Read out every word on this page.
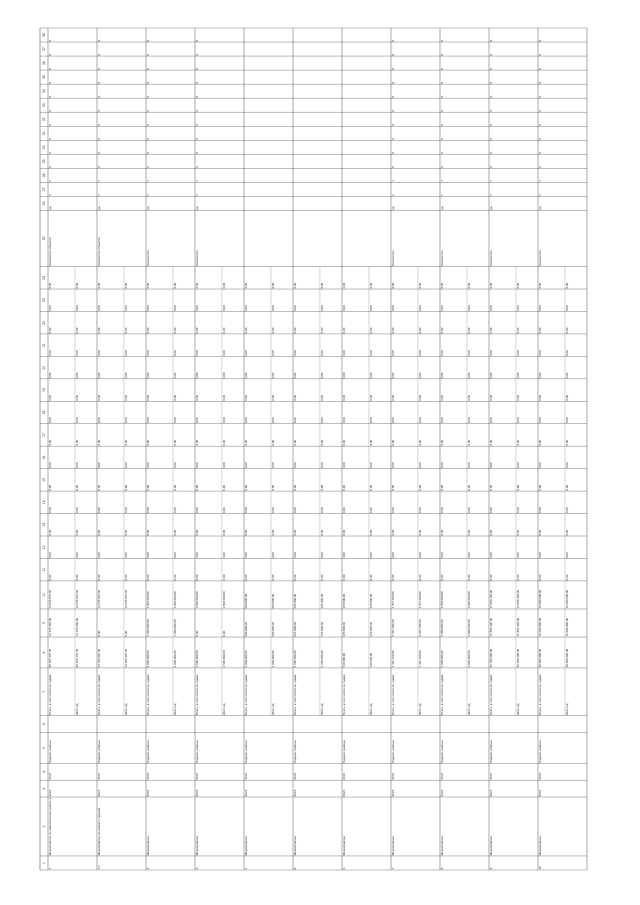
1
2
3
4
5
6
7
8
9
10
11
12
13
14
15
16
17
18
19
20
21
22
23
24
25
26
27
28
29
30
31
32
33
34
35
36
37
38
1
Мероприятие по капитальному ремонту
2021
2021
Бюджет района
Всего, в том числе по годам:
28 795 375,60
14 170 360,00
14 625 015,60
0,00
0,00
0,00
0,00
0,00
0,00
0,00
0,00
0,00
0,00
0,00
0,00
0,00
0,00
Количество объектов
ед.
2
2
0
0
0
0
0
0
0
0
0
0
2021 год
28 795 375,60
14 170 360,00
14 625 015,60
0,00
0,00
0,00
0,00
0,00
0,00
0,00
0,00
0,00
0,00
0,00
0,00
0,00
0,00
1.1
Мероприятие по ремонту зданий
2021
2021
Бюджет района
Всего, в том числе по годам:
14 625 015,60
0,00
14 625 015,60
0,00
0,00
0,00
0,00
0,00
0,00
0,00
0,00
0,00
0,00
0,00
0,00
0,00
0,00
Количество объектов
ед.
1
1
0
0
0
0
0
0
0
0
0
0
2021 год
14 625 015,60
0,00
14 625 015,60
0,00
0,00
0,00
0,00
0,00
0,00
0,00
0,00
0,00
0,00
0,00
0,00
0,00
0,00
2
Мероприятие
2021
2021
Бюджет района
Всего, в том числе по годам:
3 000 000,00
1 500 000,00
1 500 000,00
0,00
0,00
0,00
0,00
0,00
0,00
0,00
0,00
0,00
0,00
0,00
0,00
0,00
0,00
Количество
ед.
1
1
0
0
0
0
0
0
0
0
0
0
2021 год
3 000 000,00
1 500 000,00
1 500 000,00
0,00
0,00
0,00
0,00
0,00
0,00
0,00
0,00
0,00
0,00
0,00
0,00
0,00
0,00
3
Мероприятие
2021
2021
Бюджет района
Всего, в том числе по годам:
1 500 000,00
0,00
1 500 000,00
0,00
0,00
0,00
0,00
0,00
0,00
0,00
0,00
0,00
0,00
0,00
0,00
0,00
0,00
Количество
ед.
1
1
0
0
0
0
0
0
0
0
0
0
2021 год
1 500 000,00
0,00
1 500 000,00
0,00
0,00
0,00
0,00
0,00
0,00
0,00
0,00
0,00
0,00
0,00
0,00
0,00
0,00
4
Мероприятие
2021
2021
Бюджет района
Всего, в том числе по годам:
1 000 000,00
500 000,00
500 000,00
0,00
0,00
0,00
0,00
0,00
0,00
0,00
0,00
0,00
0,00
0,00
0,00
0,00
0,00
2021 год
1 000 000,00
500 000,00
500 000,00
0,00
0,00
0,00
0,00
0,00
0,00
0,00
0,00
0,00
0,00
0,00
0,00
0,00
0,00
5
Мероприятие
2021
2021
Бюджет района
Всего, в том числе по годам:
1 250 000,00
625 000,00
625 000,00
0,00
0,00
0,00
0,00
0,00
0,00
0,00
0,00
0,00
0,00
0,00
0,00
0,00
0,00
2021 год
1 250 000,00
625 000,00
625 000,00
0,00
0,00
0,00
0,00
0,00
0,00
0,00
0,00
0,00
0,00
0,00
0,00
0,00
0,00
6
Мероприятие
2021
2021
Бюджет района
Всего, в том числе по годам:
740 000,00
370 000,00
370 000,00
0,00
0,00
0,00
0,00
0,00
0,00
0,00
0,00
0,00
0,00
0,00
0,00
0,00
0,00
2021 год
740 000,00
370 000,00
370 000,00
0,00
0,00
0,00
0,00
0,00
0,00
0,00
0,00
0,00
0,00
0,00
0,00
0,00
0,00
7
Мероприятие
2021
2021
Бюджет района
Всего, в том числе по годам:
7 415 360,00
3 707 680,00
3 707 680,00
0,00
0,00
0,00
0,00
0,00
0,00
0,00
0,00
0,00
0,00
0,00
0,00
0,00
0,00
Количество
ед.
1
1
0
0
0
0
0
0
0
0
0
0
2021 год
7 415 360,00
3 707 680,00
3 707 680,00
0,00
0,00
0,00
0,00
0,00
0,00
0,00
0,00
0,00
0,00
0,00
0,00
0,00
0,00
8
Мероприятие
2021
2021
Бюджет района
Всего, в том числе по годам:
7 000 000,00
3 500 000,00
3 500 000,00
0,00
0,00
0,00
0,00
0,00
0,00
0,00
0,00
0,00
0,00
0,00
0,00
0,00
0,00
Количество
ед.
1
1
0
0
0
0
0
0
0
0
0
0
2021 год
7 000 000,00
3 500 000,00
3 500 000,00
0,00
0,00
0,00
0,00
0,00
0,00
0,00
0,00
0,00
0,00
0,00
0,00
0,00
0,00
9
Мероприятие
2021
2021
Бюджет района
Всего, в том числе по годам:
35 700 980,00
17 850 490,00
17 850 490,00
0,00
0,00
0,00
0,00
0,00
0,00
0,00
0,00
0,00
0,00
0,00
0,00
0,00
0,00
Количество
ед.
1
1
0
0
0
0
0
0
0
0
0
0
2021 год
35 700 980,00
17 850 490,00
17 850 490,00
0,00
0,00
0,00
0,00
0,00
0,00
0,00
0,00
0,00
0,00
0,00
0,00
0,00
0,00
10
Мероприятие
2021
2021
Бюджет района
Всего, в том числе по годам:
30 000 000,00
15 000 000,00
15 000 000,00
0,00
0,00
0,00
0,00
0,00
0,00
0,00
0,00
0,00
0,00
0,00
0,00
0,00
0,00
Количество
ед.
1
1
0
0
0
0
0
0
0
0
0
0
2021 год
30 000 000,00
15 000 000,00
15 000 000,00
0,00
0,00
0,00
0,00
0,00
0,00
0,00
0,00
0,00
0,00
0,00
0,00
0,00
0,00
